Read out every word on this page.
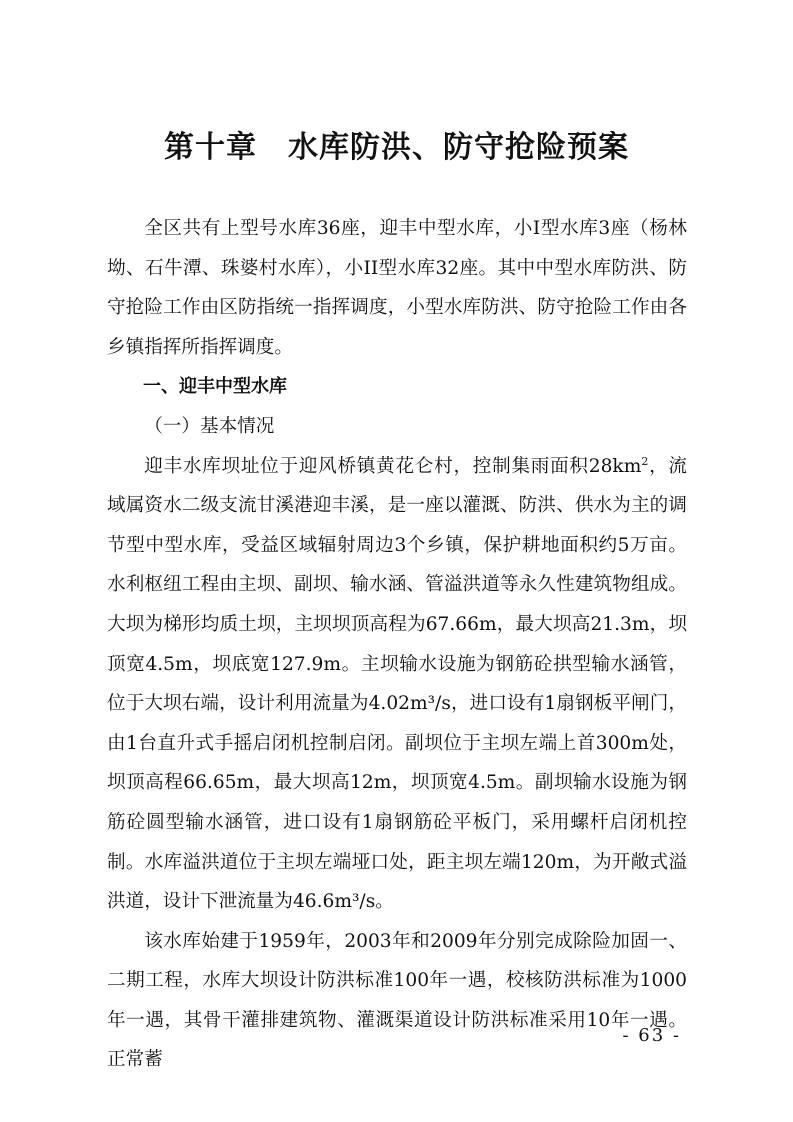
第十章　水库防洪、防守抢险预案

全区共有上型号水库36座，迎丰中型水库，小I型水库3座（杨林坳、石牛潭、珠婆村水库），小II型水库32座。其中中型水库防洪、防守抢险工作由区防指统一指挥调度，小型水库防洪、防守抢险工作由各乡镇指挥所指挥调度。

一、迎丰中型水库

（一）基本情况

迎丰水库坝址位于迎风桥镇黄花仑村，控制集雨面积$28km^2$，流域属资水二级支流甘溪港迎丰溪，是一座以灌溉、防洪、供水为主的调节型中型水库，受益区域辐射周边3个乡镇，保护耕地面积约5万亩。水利枢纽工程由主坝、副坝、输水涵、管溢洪道等永久性建筑物组成。大坝为梯形均质土坝，主坝坝顶高程为67.66m，最大坝高21.3m，坝顶宽4.5m，坝底宽127.9m。主坝输水设施为钢筋砼拱型输水涵管，位于大坝右端，设计利用流量为4.02m³/s，进口设有1扇钢板平闸门，由1台直升式手摇启闭机控制启闭。副坝位于主坝左端上首300m处，坝顶高程66.65m，最大坝高12m，坝顶宽4.5m。副坝输水设施为钢筋砼圆型输水涵管，进口设有1扇钢筋砼平板门，采用螺杆启闭机控制。水库溢洪道位于主坝左端垭口处，距主坝左端120m，为开敞式溢洪道，设计下泄流量为46.6m³/s。

该水库始建于1959年，2003年和2009年分别完成除险加固一、二期工程，水库大坝设计防洪标准100年一遇，校核防洪标准为1000年一遇，其骨干灌排建筑物、灌溉渠道设计防洪标准采用10年一遇。正常蓄

- 63 -
